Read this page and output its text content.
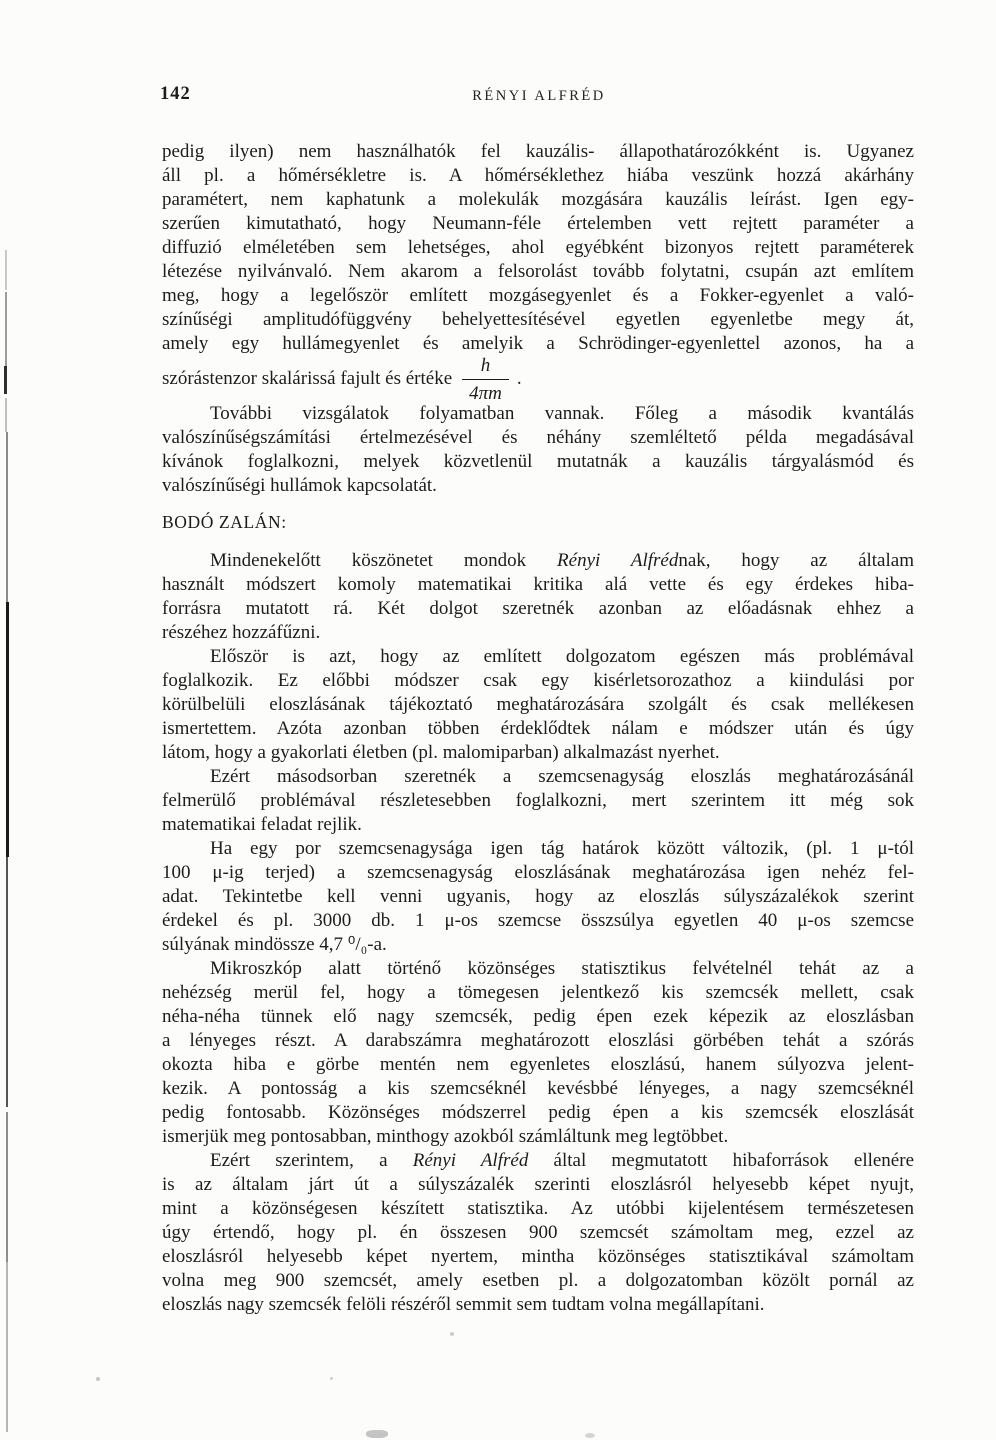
142	RÉNYI ALFRÉD
pedig ilyen) nem használhatók fel kauzális- állapothatározókként is. Ugyanez
áll pl. a hőmérsékletre is. A hőmérséklethez hiába veszünk hozzá akárhány
paramétert, nem kaphatunk a molekulák mozgására kauzális leírást. Igen egy-
szerűen kimutatható, hogy Neumann-féle értelemben vett rejtett paraméter a
diffuzió elméletében sem lehetséges, ahol egyébként bizonyos rejtett paraméterek
létezése nyilvánvaló. Nem akarom a felsorolást tovább folytatni, csupán azt említem
meg, hogy a legelőször említett mozgásegyenlet és a Fokker-egyenlet a való-
színűségi amplitudófüggvény behelyettesítésével egyetlen egyenletbe megy át,
amely egy hullámegyenlet és amelyik a Schrödinger-egyenlettel azonos, ha a
szórástenzor skalárissá fajult és értéke $\frac{h}{4\pi m}$ .
További vizsgálatok folyamatban vannak. Főleg a második kvantálás
valószínűségszámítási értelmezésével és néhány szemléltető példa megadásával
kívánok foglalkozni, melyek közvetlenül mutatnák a kauzális tárgyalásmód és
valószínűségi hullámok kapcsolatát.
BODÓ ZALÁN:
Mindenekelőtt köszönetet mondok Rényi Alfrédnak, hogy az általam
használt módszert komoly matematikai kritika alá vette és egy érdekes hiba-
forrásra mutatott rá. Két dolgot szeretnék azonban az előadásnak ehhez a
részéhez hozzáfűzni.
Először is azt, hogy az említett dolgozatom egészen más problémával
foglalkozik. Ez előbbi módszer csak egy kisérletsorozathoz a kiindulási por
körülbelüli eloszlásának tájékoztató meghatározására szolgált és csak mellékesen
ismertettem. Azóta azonban többen érdeklődtek nálam e módszer után és úgy
látom, hogy a gyakorlati életben (pl. malomiparban) alkalmazást nyerhet.
Ezért másodsorban szeretnék a szemcsenagyság eloszlás meghatározásánál
felmerülő problémával részletesebben foglalkozni, mert szerintem itt még sok
matematikai feladat rejlik.
Ha egy por szemcsenagysága igen tág határok között változik, (pl. 1 μ-tól
100 μ-ig terjed) a szemcsenagyság eloszlásának meghatározása igen nehéz fel-
adat. Tekintetbe kell venni ugyanis, hogy az eloszlás súlyszázalékok szerint
érdekel és pl. 3000 db. 1 μ-os szemcse összsúlya egyetlen 40 μ-os szemcse
súlyának mindössze 4,7 ⁰/₀-a.
Mikroszkóp alatt történő közönséges statisztikus felvételnél tehát az a
nehézség merül fel, hogy a tömegesen jelentkező kis szemcsék mellett, csak
néha-néha tünnek elő nagy szemcsék, pedig épen ezek képezik az eloszlásban
a lényeges részt. A darabszámra meghatározott eloszlási görbében tehát a szórás
okozta hiba e görbe mentén nem egyenletes eloszlású, hanem súlyozva jelent-
kezik. A pontosság a kis szemcséknél kevésbbé lényeges, a nagy szemcséknél
pedig fontosabb. Közönséges módszerrel pedig épen a kis szemcsék eloszlását
ismerjük meg pontosabban, minthogy azokból számláltunk meg legtöbbet.
Ezért szerintem, a Rényi Alfréd által megmutatott hibaforrások ellenére
is az általam járt út a súlyszázalék szerinti eloszlásról helyesebb képet nyujt,
mint a közönségesen készített statisztika. Az utóbbi kijelentésem természetesen
úgy értendő, hogy pl. én összesen 900 szemcsét számoltam meg, ezzel az
eloszlásról helyesebb képet nyertem, mintha közönséges statisztikával számoltam
volna meg 900 szemcsét, amely esetben pl. a dolgozatomban közölt pornál az
eloszlás nagy szemcsék felöli részéről semmit sem tudtam volna megállapítani.
